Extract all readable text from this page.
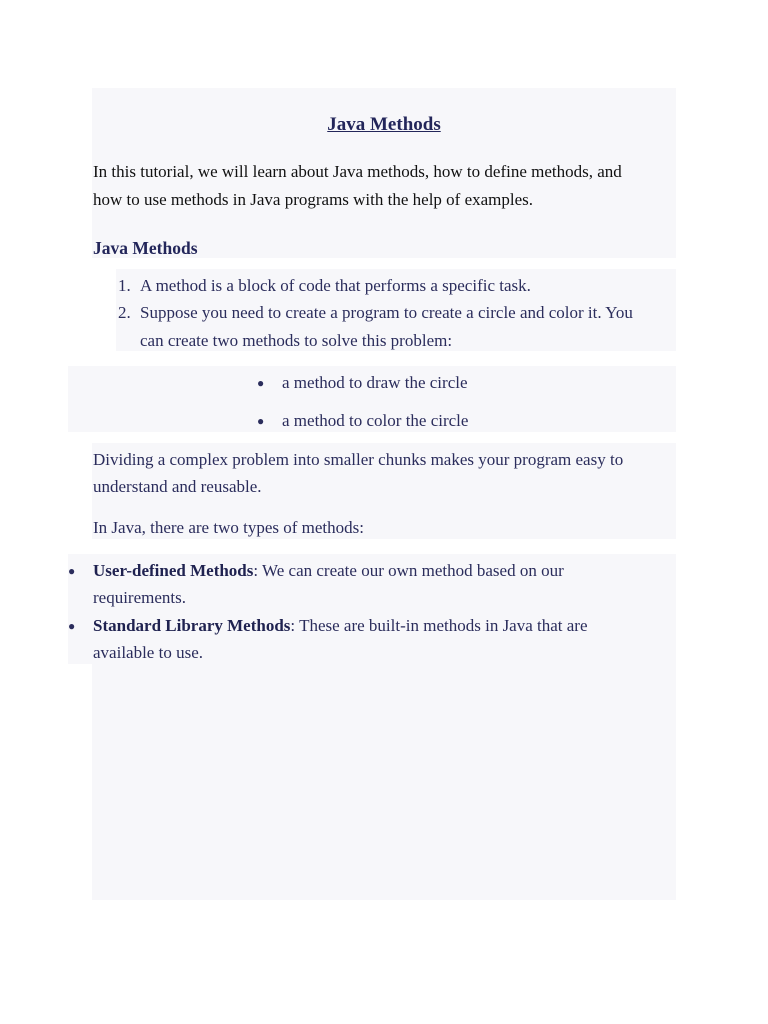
Java Methods
In this tutorial, we will learn about Java methods, how to define methods, and
how to use methods in Java programs with the help of examples.
Java Methods
1. A method is a block of code that performs a specific task.
2. Suppose you need to create a program to create a circle and color it. You
can create two methods to solve this problem:
● a method to draw the circle
● a method to color the circle
Dividing a complex problem into smaller chunks makes your program easy to
understand and reusable.
In Java, there are two types of methods:
● User-defined Methods: We can create our own method based on our
requirements.
● Standard Library Methods: These are built-in methods in Java that are
available to use.
